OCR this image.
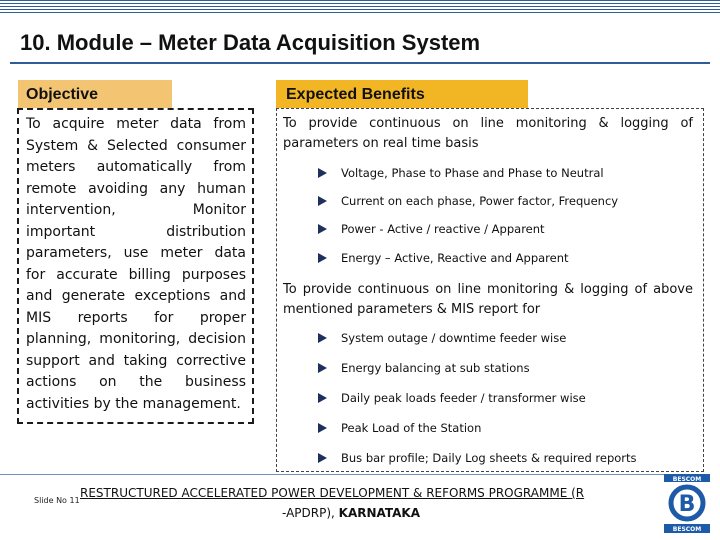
10. Module – Meter Data Acquisition System
Objective	Expected Benefits
To acquire meter data from System & Selected consumer meters automatically from remote avoiding any human intervention, Monitor important distribution parameters, use meter data for accurate billing purposes and generate exceptions and MIS reports for proper planning, monitoring, decision support and taking corrective actions on the business activities by the management.
To provide continuous on line monitoring & logging of parameters on real time basis
Voltage, Phase to Phase and Phase to Neutral
Current on each phase, Power factor, Frequency
Power - Active / reactive / Apparent
Energy – Active, Reactive and Apparent
To provide continuous on line monitoring & logging of above mentioned parameters & MIS report for
System outage / downtime feeder wise
Energy balancing at sub stations
Daily peak loads feeder / transformer wise
Peak Load of the Station
Bus bar profile; Daily Log sheets & required reports
Slide No 11
RESTRUCTURED ACCELERATED POWER DEVELOPMENT & REFORMS PROGRAMME (R
-APDRP), KARNATAKA
BESCOM
B
BESCOM
